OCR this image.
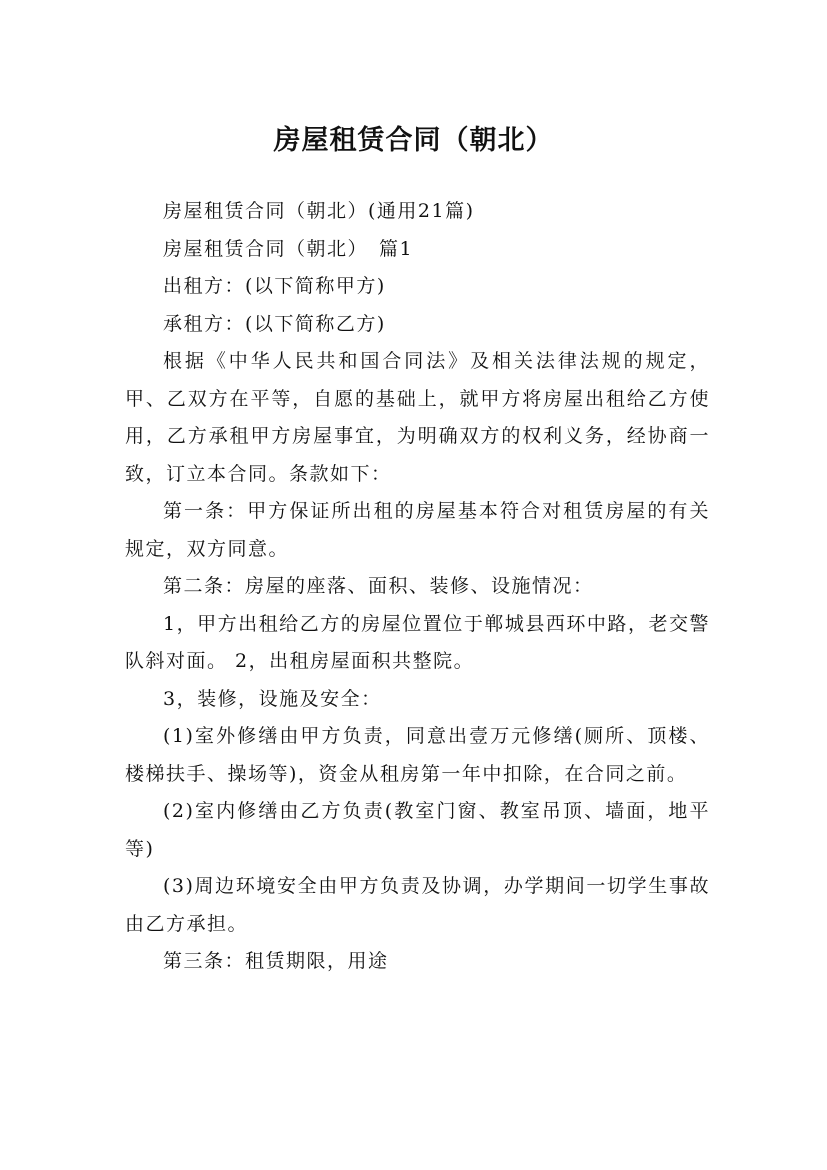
房屋租赁合同（朝北）

房屋租赁合同（朝北）(通用21篇)

房屋租赁合同（朝北）　篇1

出租方：(以下简称甲方)

承租方：(以下简称乙方)

根据《中华人民共和国合同法》及相关法律法规的规定，甲、乙双方在平等，自愿的基础上，就甲方将房屋出租给乙方使用，乙方承租甲方房屋事宜，为明确双方的权利义务，经协商一致，订立本合同。条款如下：

第一条：甲方保证所出租的房屋基本符合对租赁房屋的有关规定，双方同意。

第二条：房屋的座落、面积、装修、设施情况：

1，甲方出租给乙方的房屋位置位于郸城县西环中路，老交警队斜对面。 2，出租房屋面积共整院。

3，装修，设施及安全：

(1)室外修缮由甲方负责，同意出壹万元修缮(厕所、顶楼、楼梯扶手、操场等)，资金从租房第一年中扣除，在合同之前。

(2)室内修缮由乙方负责(教室门窗、教室吊顶、墙面，地平等)

(3)周边环境安全由甲方负责及协调，办学期间一切学生事故由乙方承担。

第三条：租赁期限，用途
